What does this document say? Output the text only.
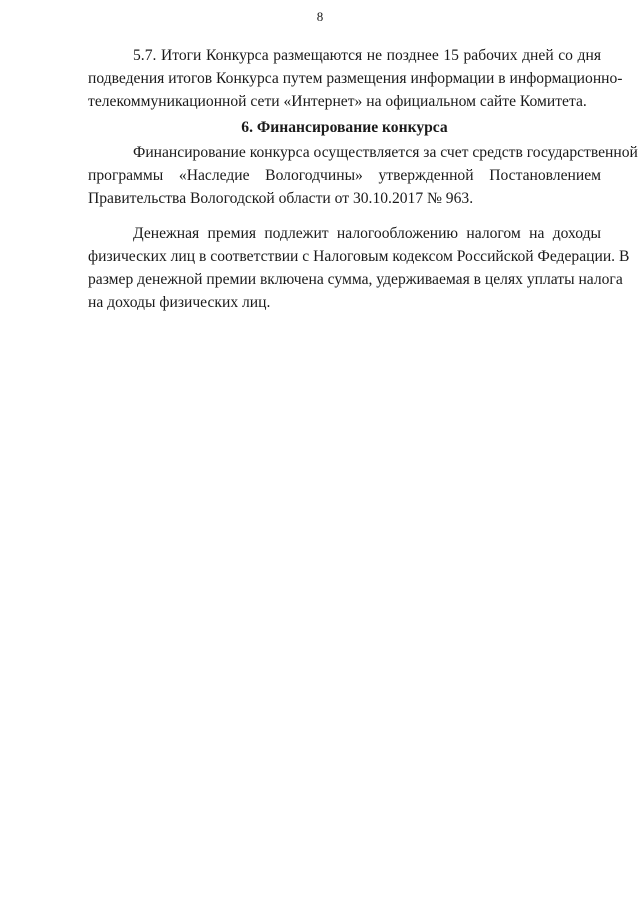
8

5.7. Итоги Конкурса размещаются не позднее 15 рабочих дней со дня
подведения итогов Конкурса путем размещения информации в информационно-
телекоммуникационной сети «Интернет» на официальном сайте Комитета.

6. Финансирование конкурса

Финансирование конкурса осуществляется за счет средств государственной
программы «Наследие Вологодчины» утвержденной Постановлением
Правительства Вологодской области от 30.10.2017 № 963.

Денежная премия подлежит налогообложению налогом на доходы
физических лиц в соответствии с Налоговым кодексом Российской Федерации. В
размер денежной премии включена сумма, удерживаемая в целях уплаты налога
на доходы физических лиц.
